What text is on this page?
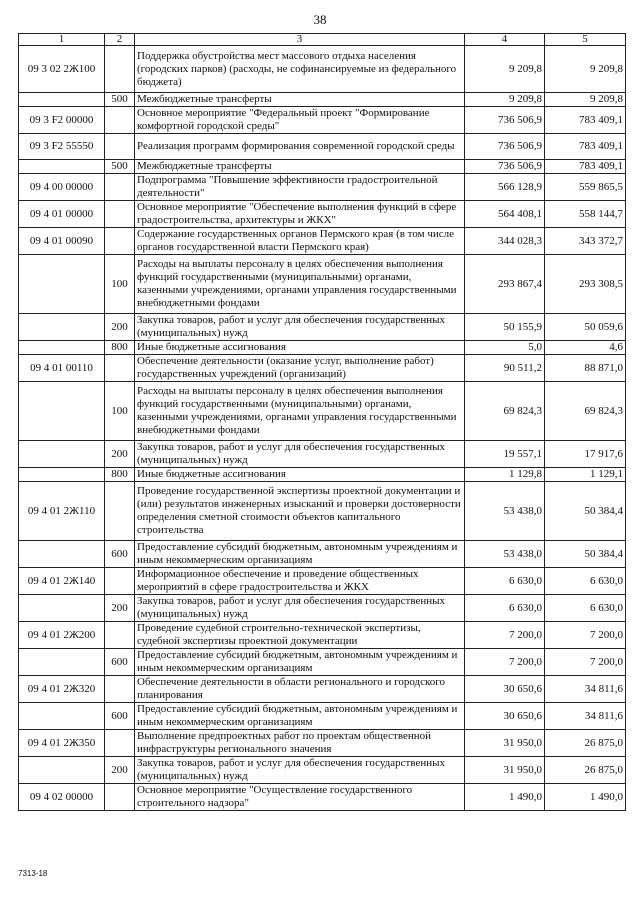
38
1	2	3	4	5
09 3 02 2Ж100		Поддержка обустройства мест массового отдыха населения (городских парков) (расходы, не софинансируемые из федерального бюджета)	9 209,8	9 209,8
	500	Межбюджетные трансферты	9 209,8	9 209,8
09 3 F2 00000		Основное мероприятие "Федеральный проект "Формирование комфортной городской среды"	736 506,9	783 409,1
09 3 F2 55550		Реализация программ формирования современной городской среды	736 506,9	783 409,1
	500	Межбюджетные трансферты	736 506,9	783 409,1
09 4 00 00000		Подпрограмма "Повышение эффективности градостроительной деятельности"	566 128,9	559 865,5
09 4 01 00000		Основное мероприятие "Обеспечение выполнения функций в сфере градостроительства, архитектуры и ЖКХ"	564 408,1	558 144,7
09 4 01 00090		Содержание государственных органов Пермского края (в том числе органов государственной власти Пермского края)	344 028,3	343 372,7
	100	Расходы на выплаты персоналу в целях обеспечения выполнения функций государственными (муниципальными) органами, казенными учреждениями, органами управления государственными внебюджетными фондами	293 867,4	293 308,5
	200	Закупка товаров, работ и услуг для обеспечения государственных (муниципальных) нужд	50 155,9	50 059,6
	800	Иные бюджетные ассигнования	5,0	4,6
09 4 01 00110		Обеспечение деятельности (оказание услуг, выполнение работ) государственных учреждений (организаций)	90 511,2	88 871,0
	100	Расходы на выплаты персоналу в целях обеспечения выполнения функций государственными (муниципальными) органами, казенными учреждениями, органами управления государственными внебюджетными фондами	69 824,3	69 824,3
	200	Закупка товаров, работ и услуг для обеспечения государственных (муниципальных) нужд	19 557,1	17 917,6
	800	Иные бюджетные ассигнования	1 129,8	1 129,1
09 4 01 2Ж110		Проведение государственной экспертизы проектной документации и (или) результатов инженерных изысканий и проверки достоверности определения сметной стоимости объектов капитального строительства	53 438,0	50 384,4
	600	Предоставление субсидий бюджетным, автономным учреждениям и иным некоммерческим организациям	53 438,0	50 384,4
09 4 01 2Ж140		Информационное обеспечение и проведение общественных мероприятий в сфере градостроительства и ЖКХ	6 630,0	6 630,0
	200	Закупка товаров, работ и услуг для обеспечения государственных (муниципальных) нужд	6 630,0	6 630,0
09 4 01 2Ж200		Проведение судебной строительно-технической экспертизы, судебной экспертизы проектной документации	7 200,0	7 200,0
	600	Предоставление субсидий бюджетным, автономным учреждениям и иным некоммерческим организациям	7 200,0	7 200,0
09 4 01 2Ж320		Обеспечение деятельности в области регионального и городского планирования	30 650,6	34 811,6
	600	Предоставление субсидий бюджетным, автономным учреждениям и иным некоммерческим организациям	30 650,6	34 811,6
09 4 01 2Ж350		Выполнение предпроектных работ по проектам общественной инфраструктуры регионального значения	31 950,0	26 875,0
	200	Закупка товаров, работ и услуг для обеспечения государственных (муниципальных) нужд	31 950,0	26 875,0
09 4 02 00000		Основное мероприятие "Осуществление государственного строительного надзора"	1 490,0	1 490,0
7313-18
